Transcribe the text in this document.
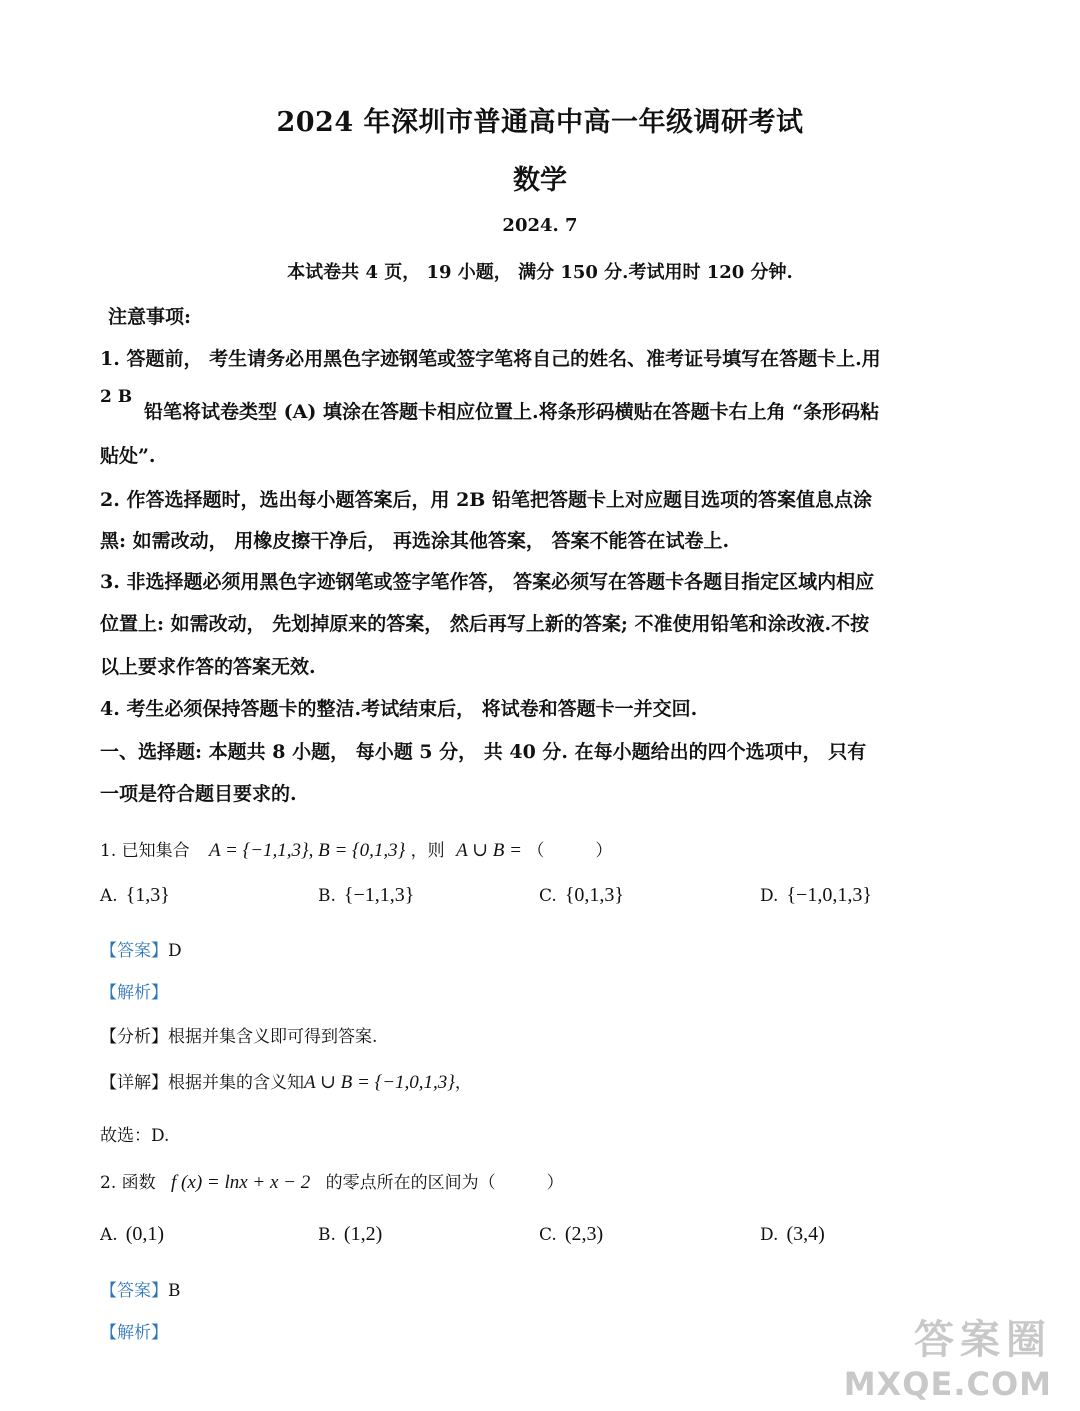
2024 年深圳市普通高中高一年级调研考试
数学
2024. 7
本试卷共 4 页， 19 小题， 满分 150 分.考试用时 120 分钟.
注意事项:
1. 答题前， 考生请务必用黑色字迹钢笔或签字笔将自己的姓名、准考证号填写在答题卡上.用
2 B
铅笔将试卷类型 (A) 填涂在答题卡相应位置上.将条形码横贴在答题卡右上角 “条形码粘
贴处”.
2. 作答选择题时，选出每小题答案后，用 2B 铅笔把答题卡上对应题目选项的答案值息点涂
黑: 如需改动， 用橡皮擦干净后， 再选涂其他答案， 答案不能答在试卷上.
3. 非选择题必须用黑色字迹钢笔或签字笔作答， 答案必须写在答题卡各题目指定区域内相应
位置上: 如需改动， 先划掉原来的答案， 然后再写上新的答案; 不准使用铅笔和涂改液.不按
以上要求作答的答案无效.
4. 考生必须保持答题卡的整洁.考试结束后， 将试卷和答题卡一并交回.
一、选择题: 本题共 8 小题， 每小题 5 分， 共 40 分. 在每小题给出的四个选项中， 只有
一项是符合题目要求的.
1. 已知集合 A = {−1,1,3}, B = {0,1,3} ，则 A ∪ B = （　　　）
A. {1,3}	B. {−1,1,3}	C. {0,1,3}	D. {−1,0,1,3}
【答案】D
【解析】
【分析】根据并集含义即可得到答案.
【详解】根据并集的含义知A ∪ B = {−1,0,1,3}，
故选：D.
2. 函数 f (x) = lnx + x − 2 的零点所在的区间为（　　　）
A. (0,1)	B. (1,2)	C. (2,3)	D. (3,4)
【答案】B
【解析】	答案圈
MXQE.COM
